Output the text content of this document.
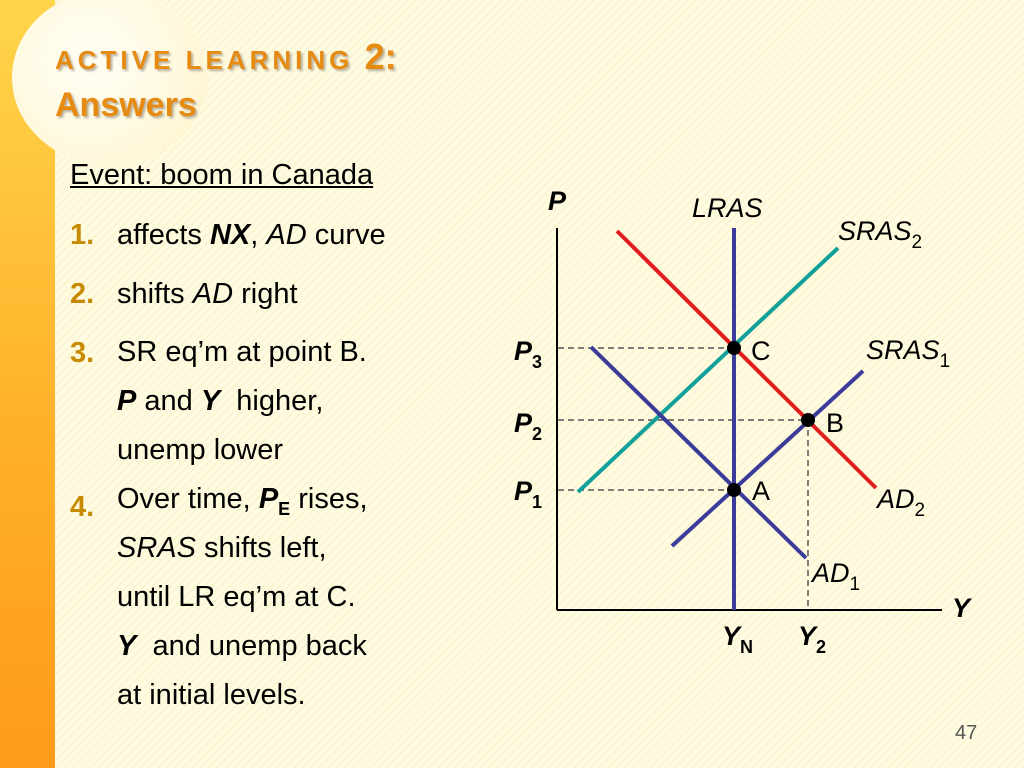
ACTIVE LEARNING 2:
Answers
Event: boom in Canada
1. affects NX, AD curve
2. shifts AD right
3. SR eq’m at point B.
P and Y  higher,
unemp lower
4. Over time, $P_E$ rises,
SRAS shifts left,
until LR eq’m at C.
Y  and unemp back
at initial levels.
C
B
A
P
Y
LRAS
$SRAS_2$
$SRAS_1$
$AD_2$
$AD_1$
$P_3$
$P_2$
$P_1$
$Y_N$ $Y_2$
47
